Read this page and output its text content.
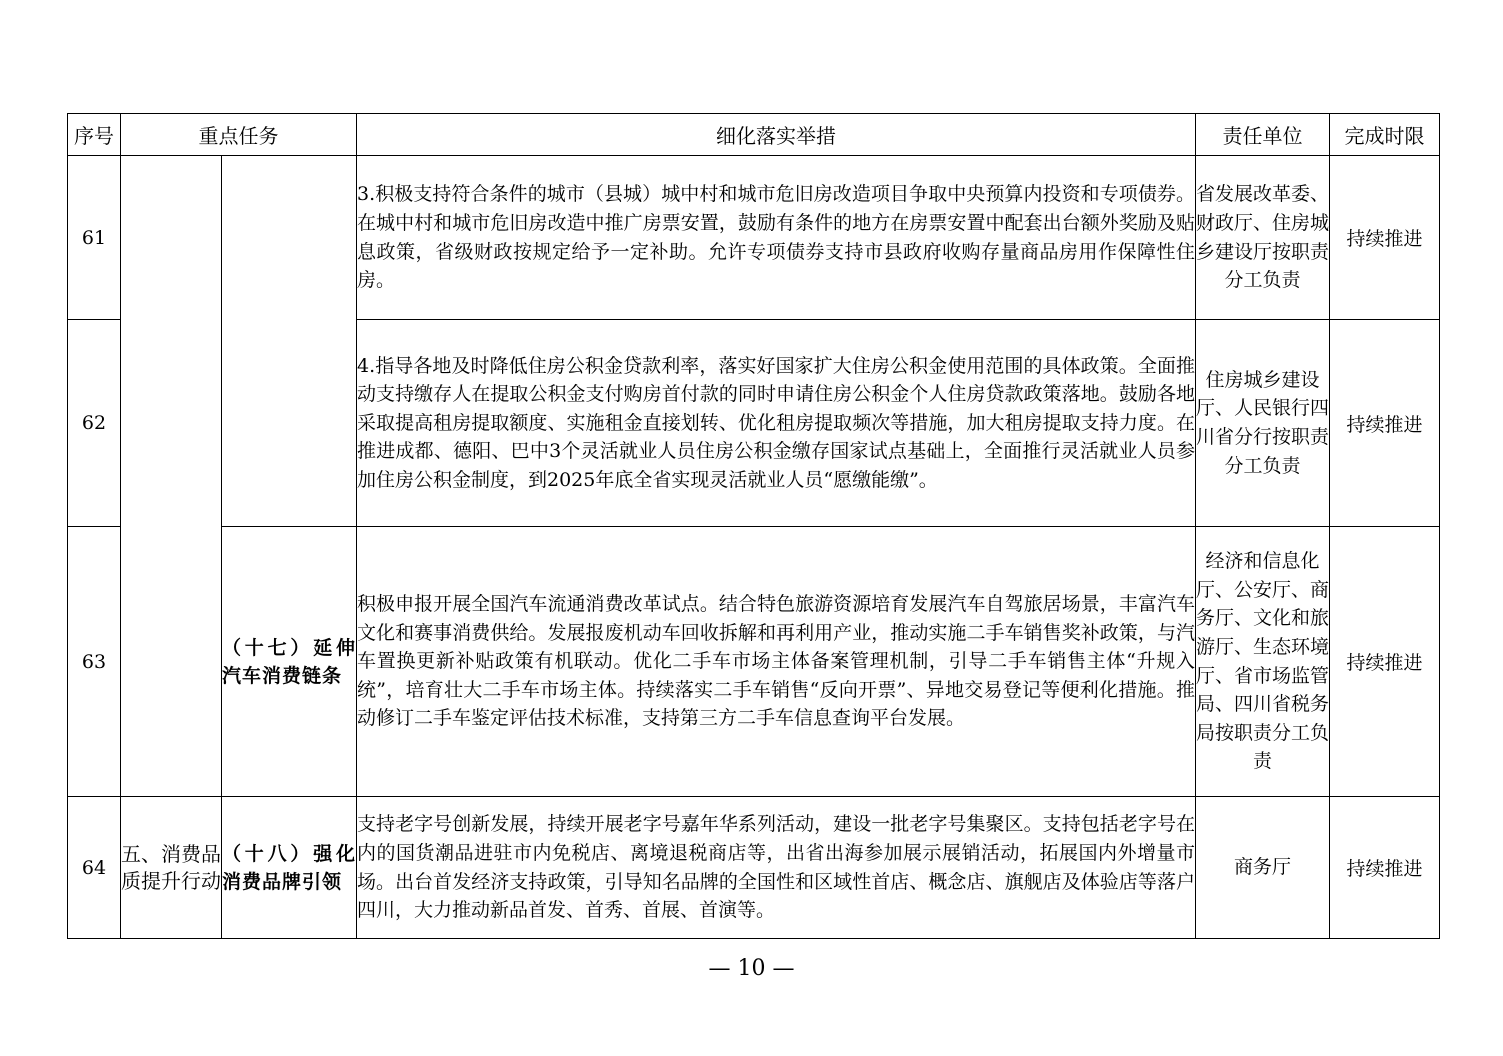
序号	重点任务		细化落实举措	责任单位	完成时限
61			3.积极支持符合条件的城市（县城）城中村和城市危旧房改造项目争取中央预算内投资和专项债券。在城中村和城市危旧房改造中推广房票安置，鼓励有条件的地方在房票安置中配套出台额外奖励及贴息政策，省级财政按规定给予一定补助。允许专项债券支持市县政府收购存量商品房用作保障性住房。	省发展改革委、财政厅、住房城乡建设厅按职责分工负责	持续推进
62			4.指导各地及时降低住房公积金贷款利率，落实好国家扩大住房公积金使用范围的具体政策。全面推动支持缴存人在提取公积金支付购房首付款的同时申请住房公积金个人住房贷款政策落地。鼓励各地采取提高租房提取额度、实施租金直接划转、优化租房提取频次等措施，加大租房提取支持力度。在推进成都、德阳、巴中3个灵活就业人员住房公积金缴存国家试点基础上，全面推行灵活就业人员参加住房公积金制度，到2025年底全省实现灵活就业人员“愿缴能缴”。	住房城乡建设厅、人民银行四川省分行按职责分工负责	持续推进
63		（十七）延伸汽车消费链条	积极申报开展全国汽车流通消费改革试点。结合特色旅游资源培育发展汽车自驾旅居场景，丰富汽车文化和赛事消费供给。发展报废机动车回收拆解和再利用产业，推动实施二手车销售奖补政策，与汽车置换更新补贴政策有机联动。优化二手车市场主体备案管理机制，引导二手车销售主体“升规入统”，培育壮大二手车市场主体。持续落实二手车销售“反向开票”、异地交易登记等便利化措施。推动修订二手车鉴定评估技术标准，支持第三方二手车信息查询平台发展。	经济和信息化厅、公安厅、商务厅、文化和旅游厅、生态环境厅、省市场监管局、四川省税务局按职责分工负责	持续推进
64	五、消费品质提升行动	（十八）强化消费品牌引领	支持老字号创新发展，持续开展老字号嘉年华系列活动，建设一批老字号集聚区。支持包括老字号在内的国货潮品进驻市内免税店、离境退税商店等，出省出海参加展示展销活动，拓展国内外增量市场。出台首发经济支持政策，引导知名品牌的全国性和区域性首店、概念店、旗舰店及体验店等落户四川，大力推动新品首发、首秀、首展、首演等。	商务厅	持续推进
— 10 —
